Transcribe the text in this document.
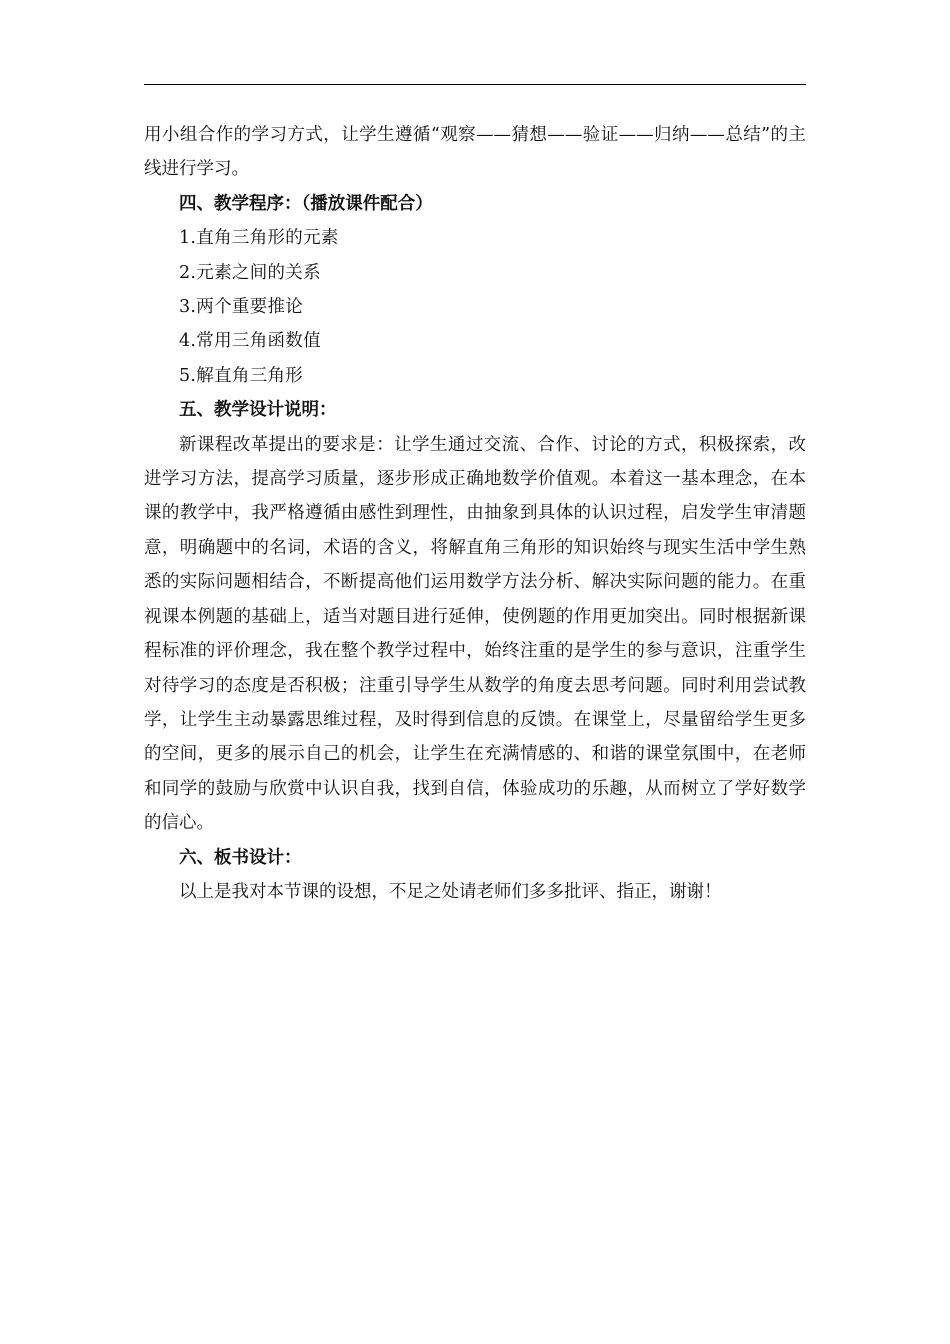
用小组合作的学习方式，让学生遵循“观察——猜想——验证——归纳——总结”的主线进行学习。

四、教学程序：（播放课件配合）

1.直角三角形的元素

2.元素之间的关系

3.两个重要推论

4.常用三角函数值

5.解直角三角形

五、教学设计说明：

新课程改革提出的要求是：让学生通过交流、合作、讨论的方式，积极探索，改进学习方法，提高学习质量，逐步形成正确地数学价值观。本着这一基本理念，在本课的教学中，我严格遵循由感性到理性，由抽象到具体的认识过程，启发学生审清题意，明确题中的名词，术语的含义，将解直角三角形的知识始终与现实生活中学生熟悉的实际问题相结合，不断提高他们运用数学方法分析、解决实际问题的能力。在重视课本例题的基础上，适当对题目进行延伸，使例题的作用更加突出。同时根据新课程标准的评价理念，我在整个教学过程中，始终注重的是学生的参与意识，注重学生对待学习的态度是否积极；注重引导学生从数学的角度去思考问题。同时利用尝试教学，让学生主动暴露思维过程，及时得到信息的反馈。在课堂上，尽量留给学生更多的空间，更多的展示自己的机会，让学生在充满情感的、和谐的课堂氛围中，在老师和同学的鼓励与欣赏中认识自我，找到自信，体验成功的乐趣，从而树立了学好数学的信心。

六、板书设计：

以上是我对本节课的设想，不足之处请老师们多多批评、指正，谢谢！
